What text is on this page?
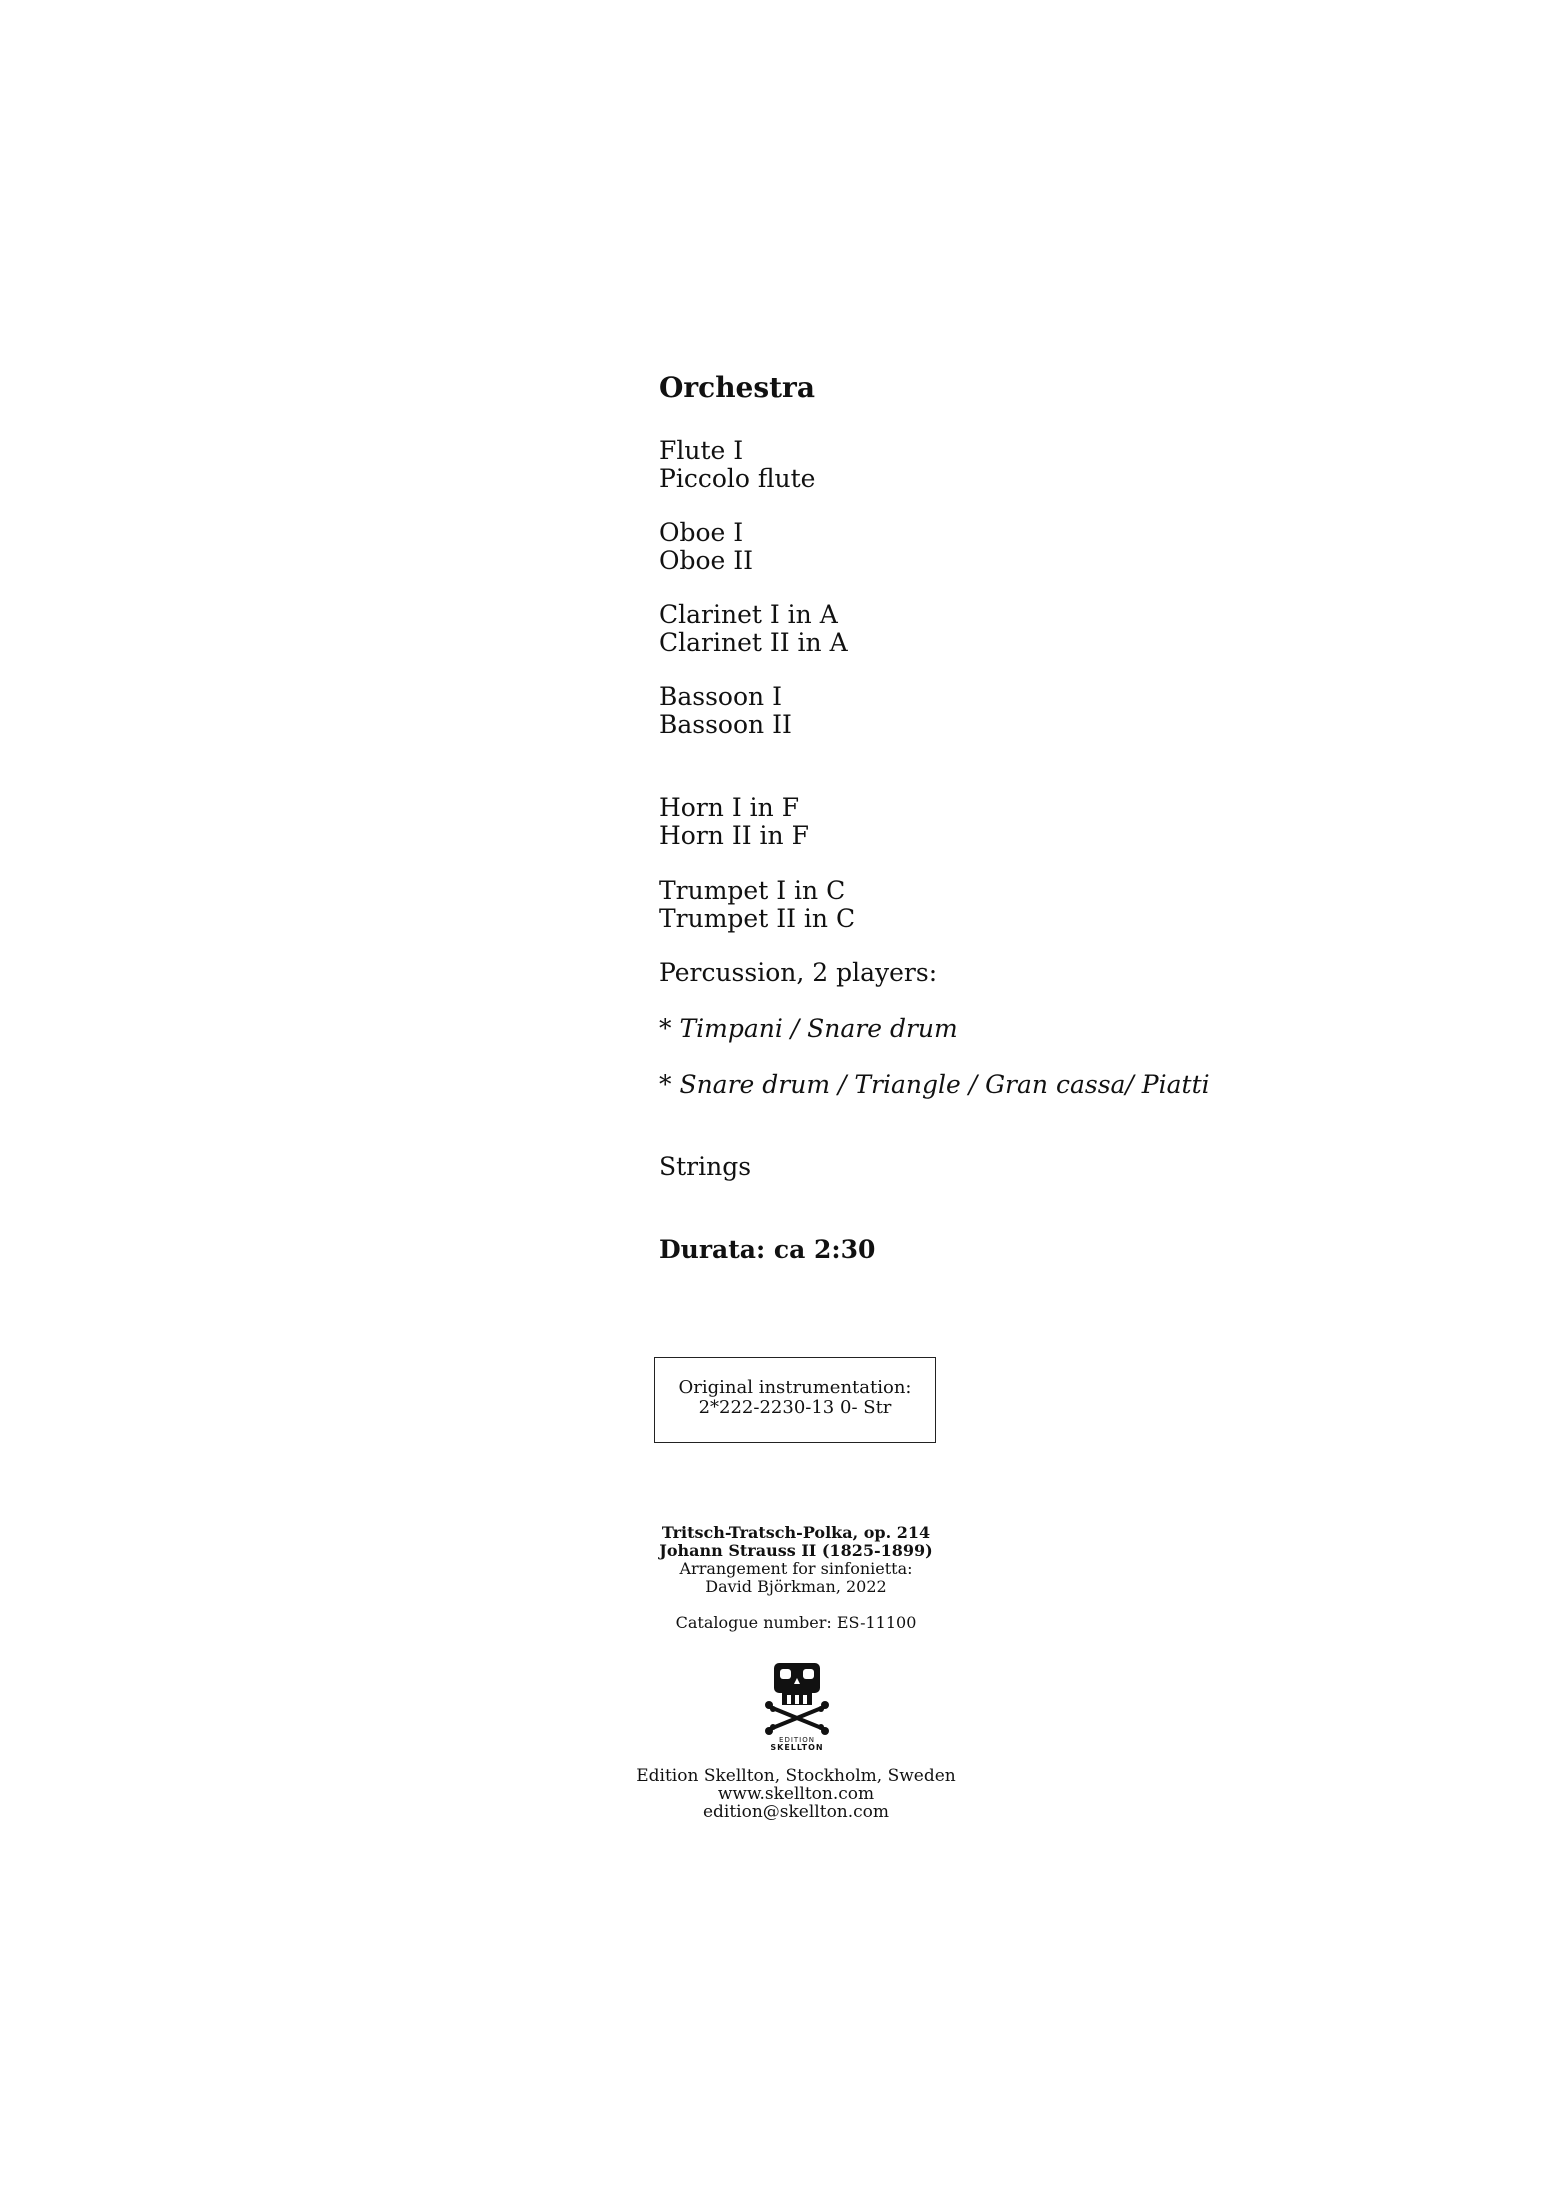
Orchestra

Flute I

Piccolo flute

Oboe I

Oboe II

Clarinet I in A

Clarinet II in A

Bassoon I

Bassoon II

Horn I in F

Horn II in F

Trumpet I in C

Trumpet II in C

Percussion, 2 players:

* Timpani / Snare drum

* Snare drum / Triangle / Gran cassa/ Piatti

Strings

Durata: ca 2:30

Original instrumentation:
2*222-2230-13 0- Str
Tritsch-Tratsch-Polka, op. 214
Johann Strauss II (1825-1899)
Arrangement for sinfonietta:
David Björkman, 2022
Catalogue number: ES-11100
EDITION
SKELLTON
Edition Skellton, Stockholm, Sweden
www.skellton.com
edition@skellton.com
